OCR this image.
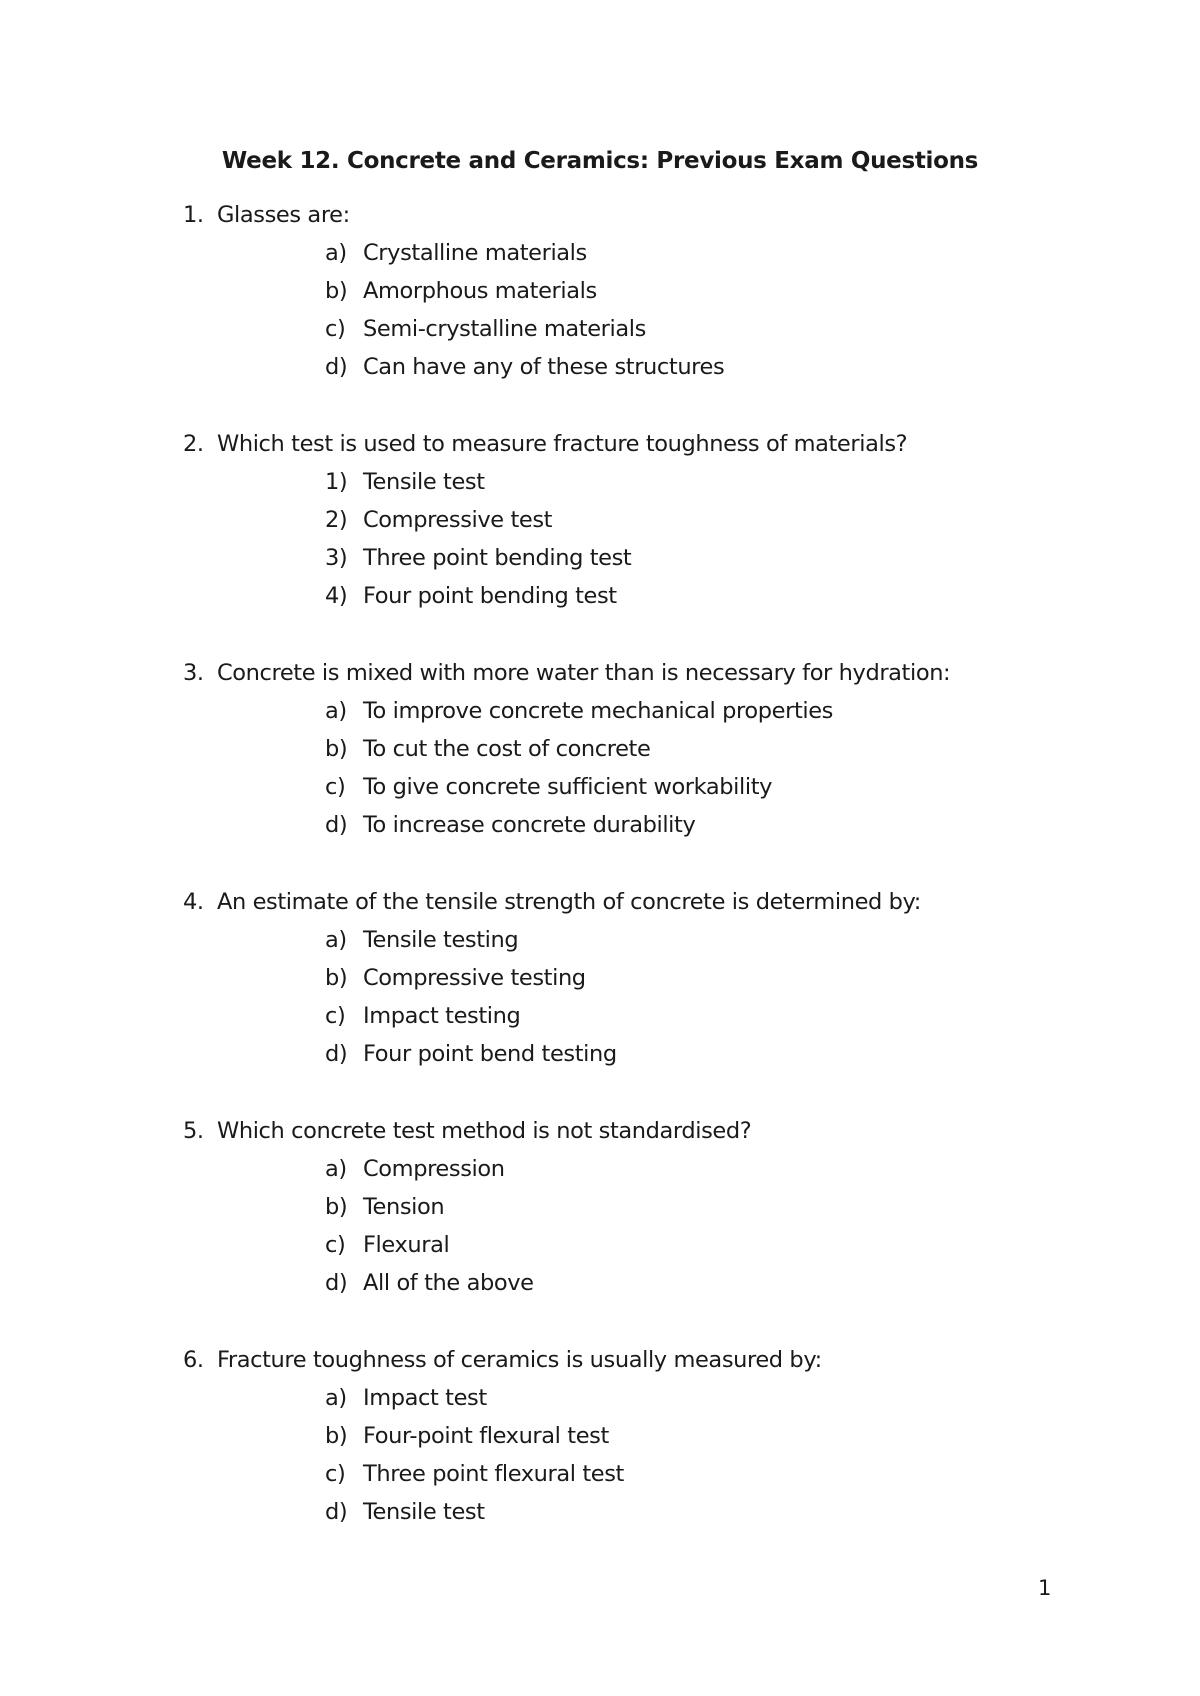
Week 12. Concrete and Ceramics: Previous Exam Questions
1. Glasses are:
a) Crystalline materials
b) Amorphous materials
c) Semi-crystalline materials
d) Can have any of these structures
2. Which test is used to measure fracture toughness of materials?
1) Tensile test
2) Compressive test
3) Three point bending test
4) Four point bending test
3. Concrete is mixed with more water than is necessary for hydration:
a) To improve concrete mechanical properties
b) To cut the cost of concrete
c) To give concrete sufficient workability
d) To increase concrete durability
4. An estimate of the tensile strength of concrete is determined by:
a) Tensile testing
b) Compressive testing
c) Impact testing
d) Four point bend testing
5. Which concrete test method is not standardised?
a) Compression
b) Tension
c) Flexural
d) All of the above
6. Fracture toughness of ceramics is usually measured by:
a) Impact test
b) Four-point flexural test
c) Three point flexural test
d) Tensile test
1
